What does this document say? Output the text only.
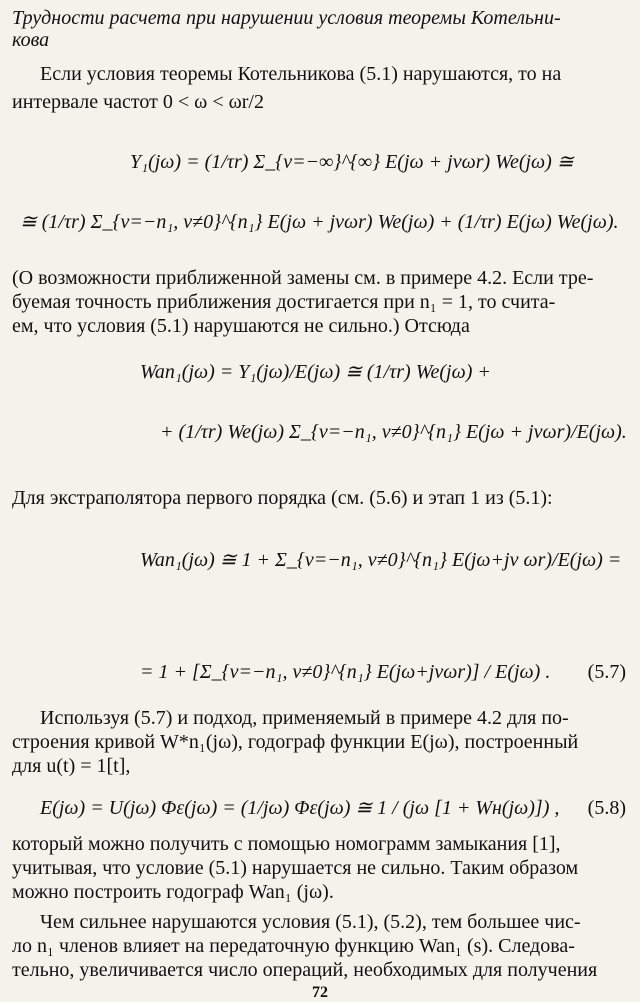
Трудности расчета при нарушении условия теоремы Котельни-
кова
Если условия теоремы Котельникова (5.1) нарушаются, то на
интервале частот 0 < ω < ωr/2
Y₁(jω) = (1/τr) Σ_{ν=−∞}^{∞} E(jω + jνωr) We(jω) ≅
≅ (1/τr) Σ_{ν=−n₁, ν≠0}^{n₁} E(jω + jνωr) We(jω) + (1/τr) E(jω) We(jω).
(О возможности приближенной замены см. в примере 4.2. Если тре-
буемая точность приближения достигается при n₁ = 1, то счита-
ем, что условия (5.1) нарушаются не сильно.) Отсюда
Wan₁(jω) = Y₁(jω)/E(jω) ≅ (1/τr) We(jω) +
+ (1/τr) We(jω) Σ_{ν=−n₁, ν≠0}^{n₁} E(jω + jνωr)/E(jω).
Для экстраполятора первого порядка (см. (5.6) и этап 1 из (5.1):
Wan₁(jω) ≅ 1 + Σ_{ν=−n₁, ν≠0}^{n₁} E(jω+jν ωr)/E(jω) =
= 1 + [Σ_{ν=−n₁, ν≠0}^{n₁} E(jω+jνωr)] / E(jω) . (5.7)
Используя (5.7) и подход, применяемый в примере 4.2 для по-
строения кривой W*n₁(jω), годограф функции E(jω), построенный
для u(t) = 1[t],
E(jω) = U(jω) Φε(jω) = (1/jω) Φε(jω) ≅ 1 / (jω [1 + Wн(jω)]) , (5.8)
который можно получить с помощью номограмм замыкания [1],
учитывая, что условие (5.1) нарушается не сильно. Таким образом
можно построить годограф Wan₁ (jω).
Чем сильнее нарушаются условия (5.1), (5.2), тем большее чис-
ло n₁ членов влияет на передаточную функцию Wan₁ (s). Следова-
тельно, увеличивается число операций, необходимых для получения
72
